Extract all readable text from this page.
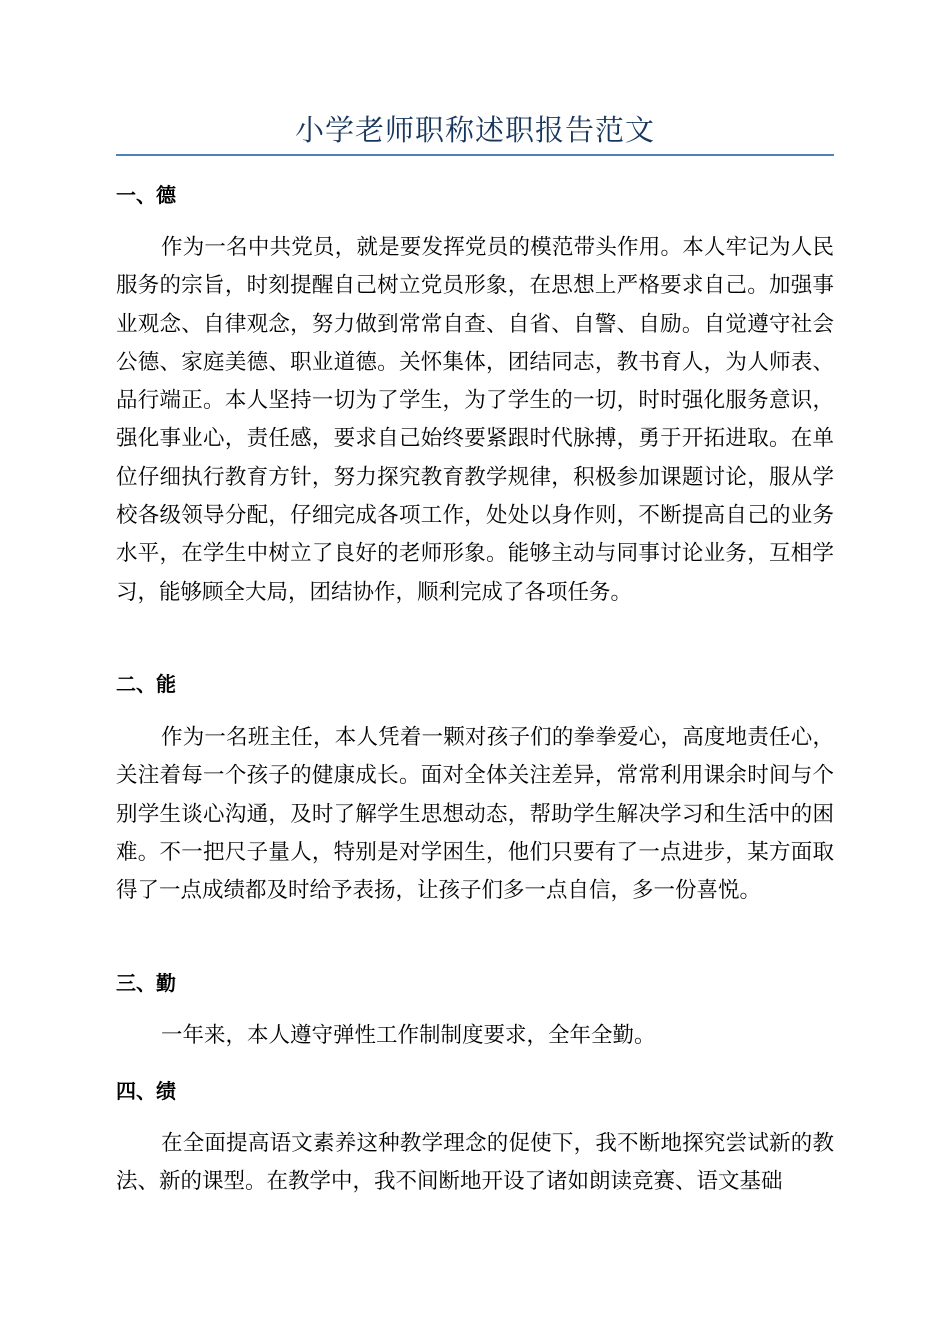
小学老师职称述职报告范文
一、德

作为一名中共党员，就是要发挥党员的模范带头作用。本人牢记为人民服务的宗旨，时刻提醒自己树立党员形象，在思想上严格要求自己。加强事业观念、自律观念，努力做到常常自查、自省、自警、自励。自觉遵守社会公德、家庭美德、职业道德。关怀集体，团结同志，教书育人，为人师表、品行端正。本人坚持一切为了学生，为了学生的一切，时时强化服务意识，强化事业心，责任感，要求自己始终要紧跟时代脉搏，勇于开拓进取。在单位仔细执行教育方针，努力探究教育教学规律，积极参加课题讨论，服从学校各级领导分配，仔细完成各项工作，处处以身作则，不断提高自己的业务水平，在学生中树立了良好的老师形象。能够主动与同事讨论业务，互相学习，能够顾全大局，团结协作，顺利完成了各项任务。

二、能

作为一名班主任，本人凭着一颗对孩子们的拳拳爱心，高度地责任心，关注着每一个孩子的健康成长。面对全体关注差异，常常利用课余时间与个别学生谈心沟通，及时了解学生思想动态，帮助学生解决学习和生活中的困难。不一把尺子量人，特别是对学困生，他们只要有了一点进步，某方面取得了一点成绩都及时给予表扬，让孩子们多一点自信，多一份喜悦。

三、勤

一年来，本人遵守弹性工作制制度要求，全年全勤。

四、绩

在全面提高语文素养这种教学理念的促使下，我不断地探究尝试新的教法、新的课型。在教学中，我不间断地开设了诸如朗读竞赛、语文基础
